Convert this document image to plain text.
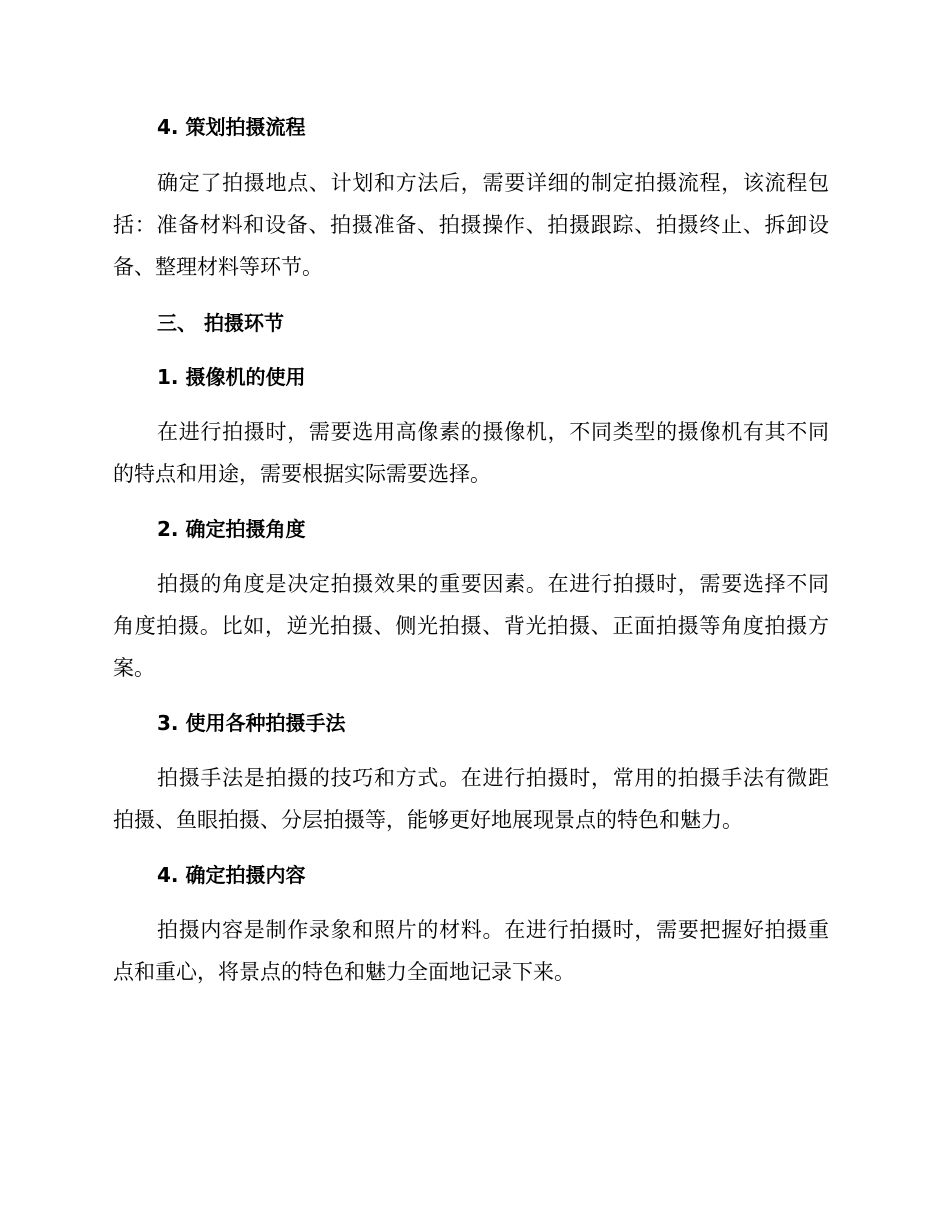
4. 策划拍摄流程
确定了拍摄地点、计划和方法后，需要详细的制定拍摄流程，该流程包
括：准备材料和设备、拍摄准备、拍摄操作、拍摄跟踪、拍摄终止、拆卸设
备、整理材料等环节。
三、 拍摄环节
1. 摄像机的使用
在进行拍摄时，需要选用高像素的摄像机，不同类型的摄像机有其不同
的特点和用途，需要根据实际需要选择。
2. 确定拍摄角度
拍摄的角度是决定拍摄效果的重要因素。在进行拍摄时，需要选择不同
角度拍摄。比如，逆光拍摄、侧光拍摄、背光拍摄、正面拍摄等角度拍摄方
案。
3. 使用各种拍摄手法
拍摄手法是拍摄的技巧和方式。在进行拍摄时，常用的拍摄手法有微距
拍摄、鱼眼拍摄、分层拍摄等，能够更好地展现景点的特色和魅力。
4. 确定拍摄内容
拍摄内容是制作录象和照片的材料。在进行拍摄时，需要把握好拍摄重
点和重心，将景点的特色和魅力全面地记录下来。
